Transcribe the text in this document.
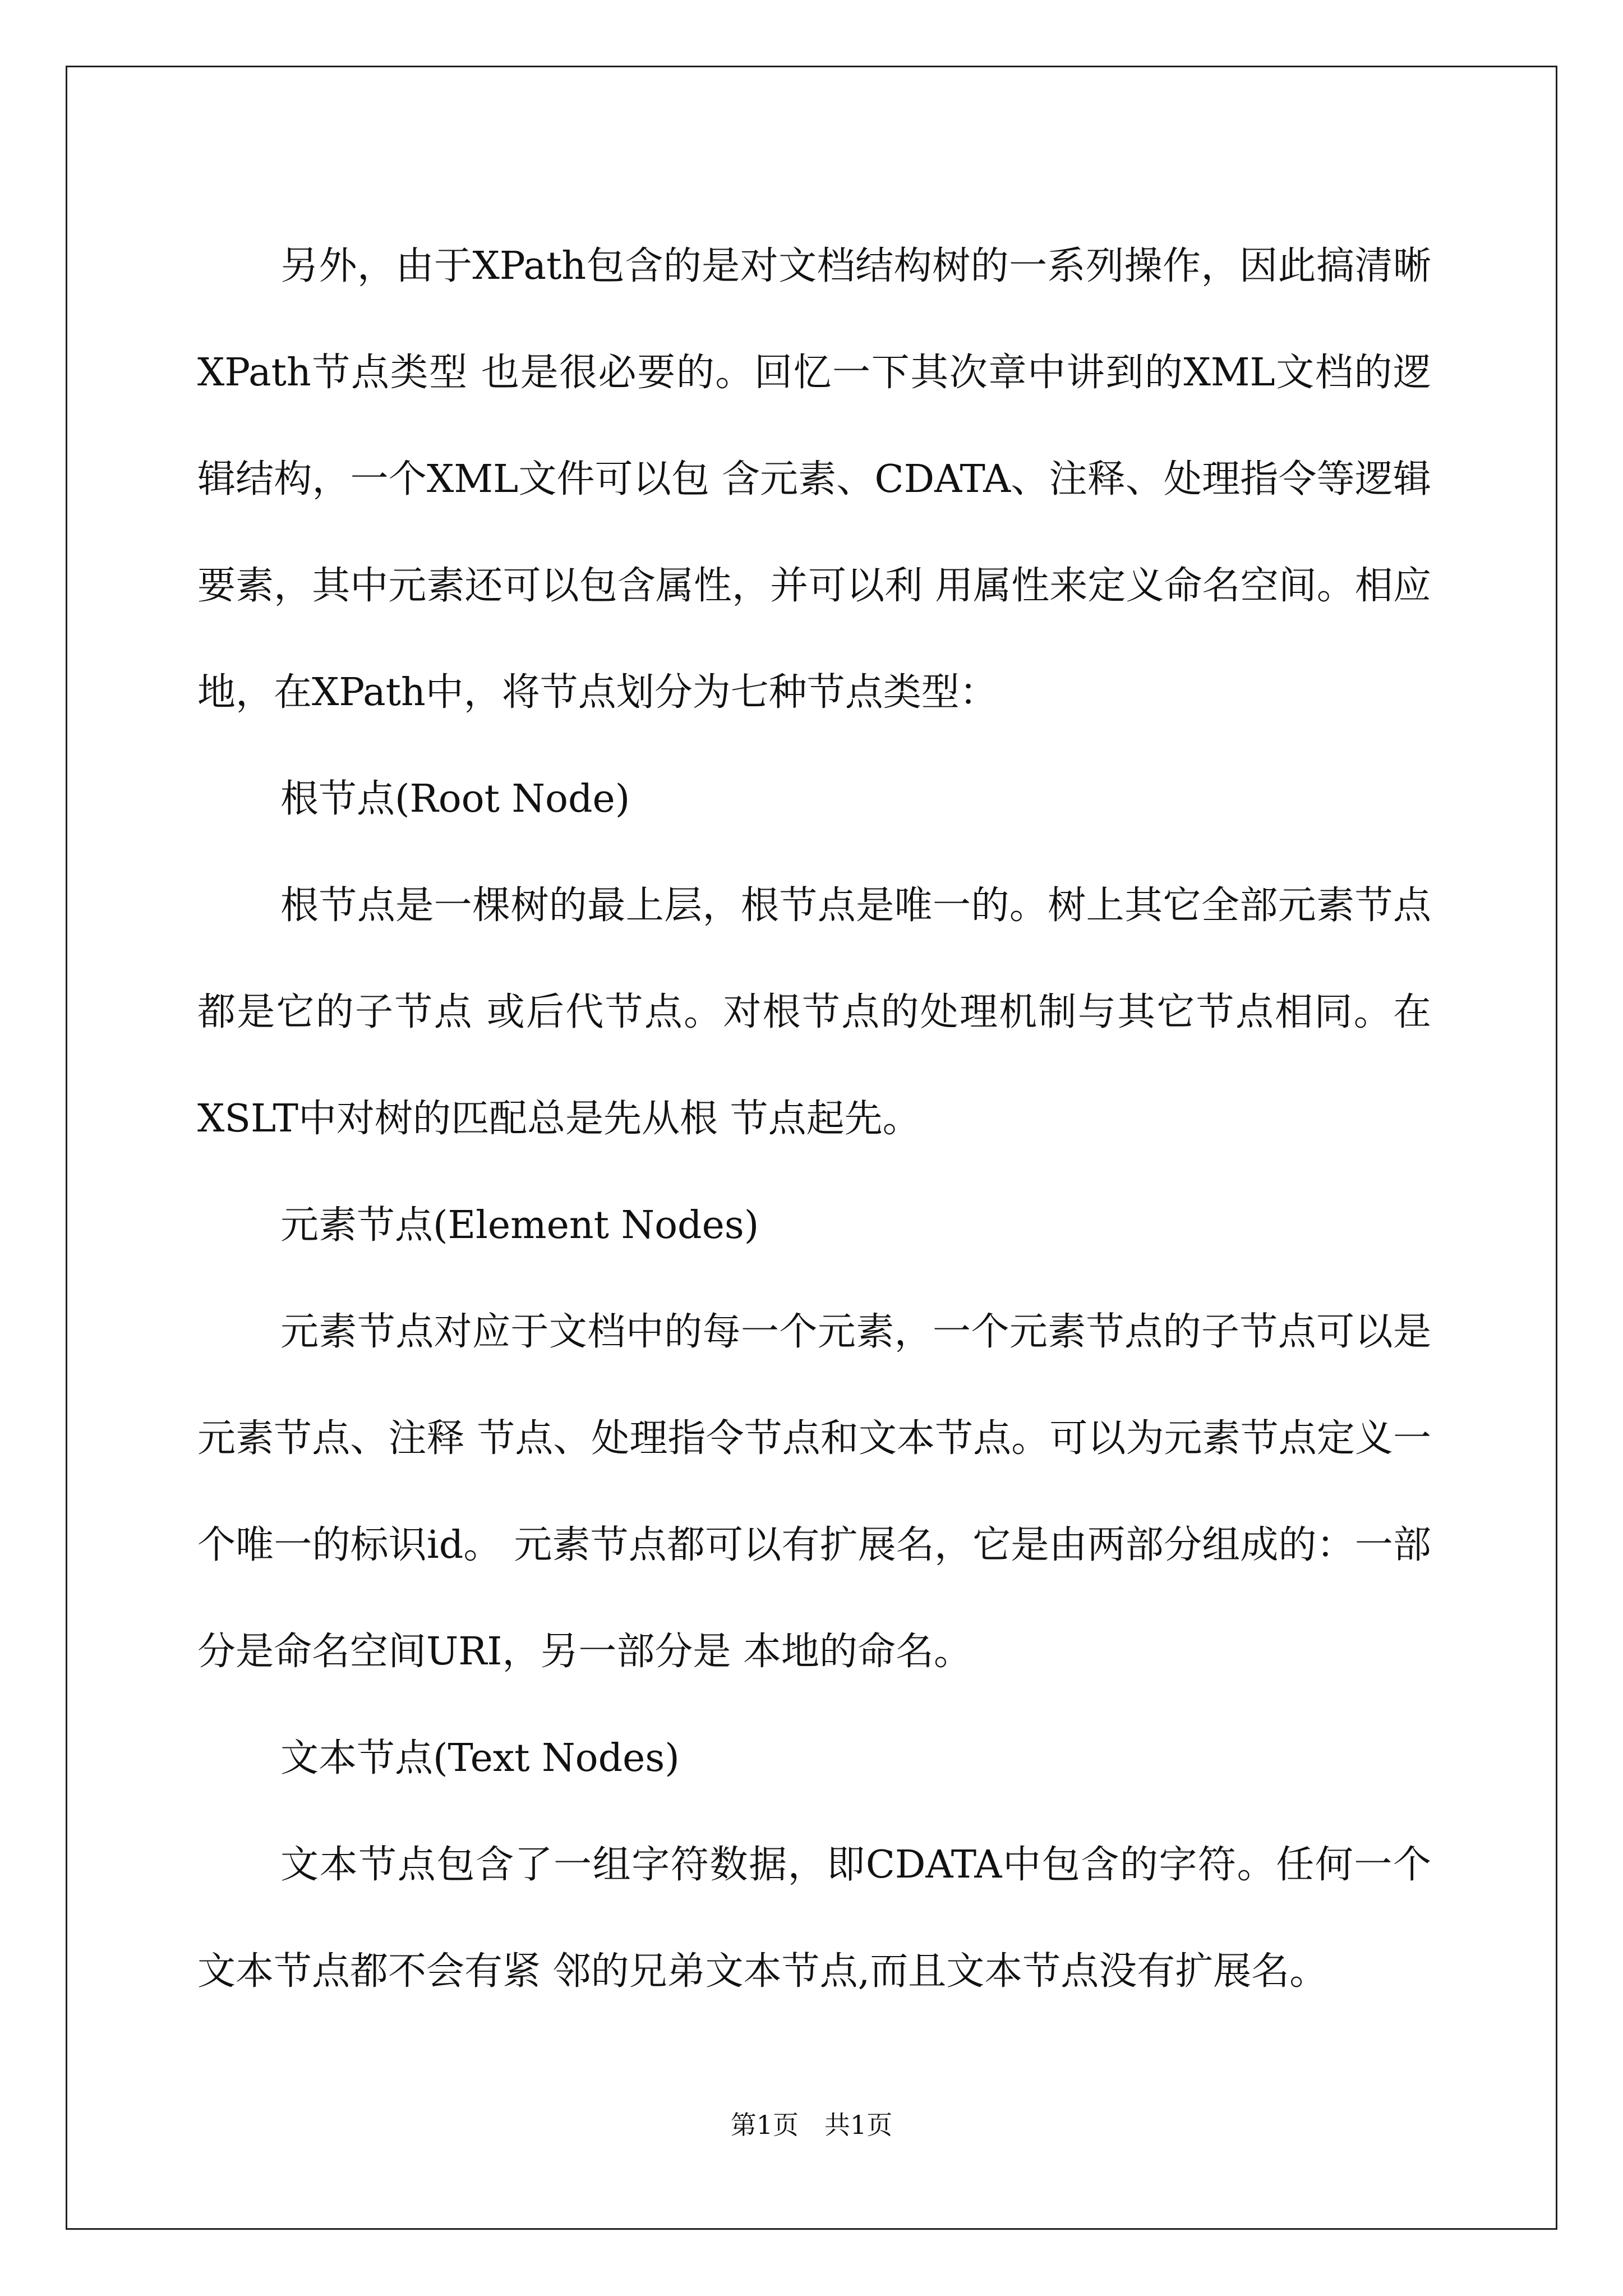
另外，由于XPath包含的是对文档结构树的一系列操作，因此搞清晰XPath节点类型 也是很必要的。回忆一下其次章中讲到的XML文档的逻辑结构，一个XML文件可以包 含元素、CDATA、注释、处理指令等逻辑要素，其中元素还可以包含属性，并可以利 用属性来定义命名空间。相应地，在XPath中，将节点划分为七种节点类型：

根节点(Root Node)

根节点是一棵树的最上层，根节点是唯一的。树上其它全部元素节点都是它的子节点 或后代节点。对根节点的处理机制与其它节点相同。在XSLT中对树的匹配总是先从根 节点起先。

元素节点(Element Nodes)

元素节点对应于文档中的每一个元素，一个元素节点的子节点可以是元素节点、注释 节点、处理指令节点和文本节点。可以为元素节点定义一个唯一的标识id。 元素节点都可以有扩展名，它是由两部分组成的：一部分是命名空间URI，另一部分是 本地的命名。

文本节点(Text Nodes)

文本节点包含了一组字符数据，即CDATA中包含的字符。任何一个文本节点都不会有紧 邻的兄弟文本节点,而且文本节点没有扩展名。

第1页　共1页
